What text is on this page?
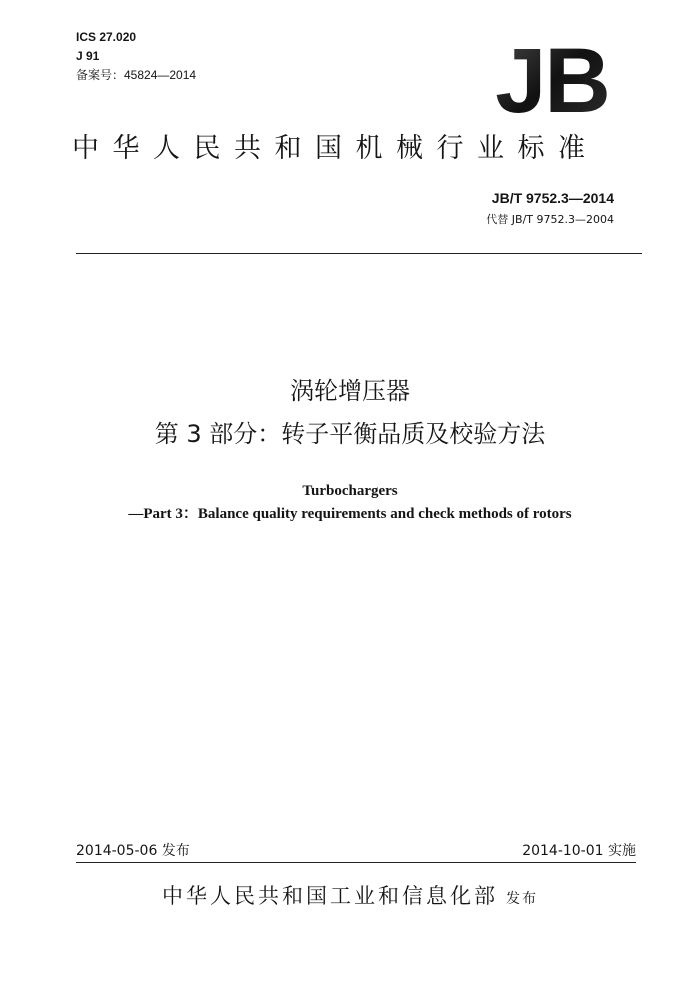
ICS 27.020
J 91
备案号：45824—2014	JB
中华人民共和国机械行业标准
JB/T 9752.3—2014
代替 JB/T 9752.3—2004
涡轮增压器
第 3 部分：转子平衡品质及校验方法
Turbochargers
—Part 3：Balance quality requirements and check methods of rotors
2014-05-06 发布	2014-10-01 实施
中华人民共和国工业和信息化部 发布
